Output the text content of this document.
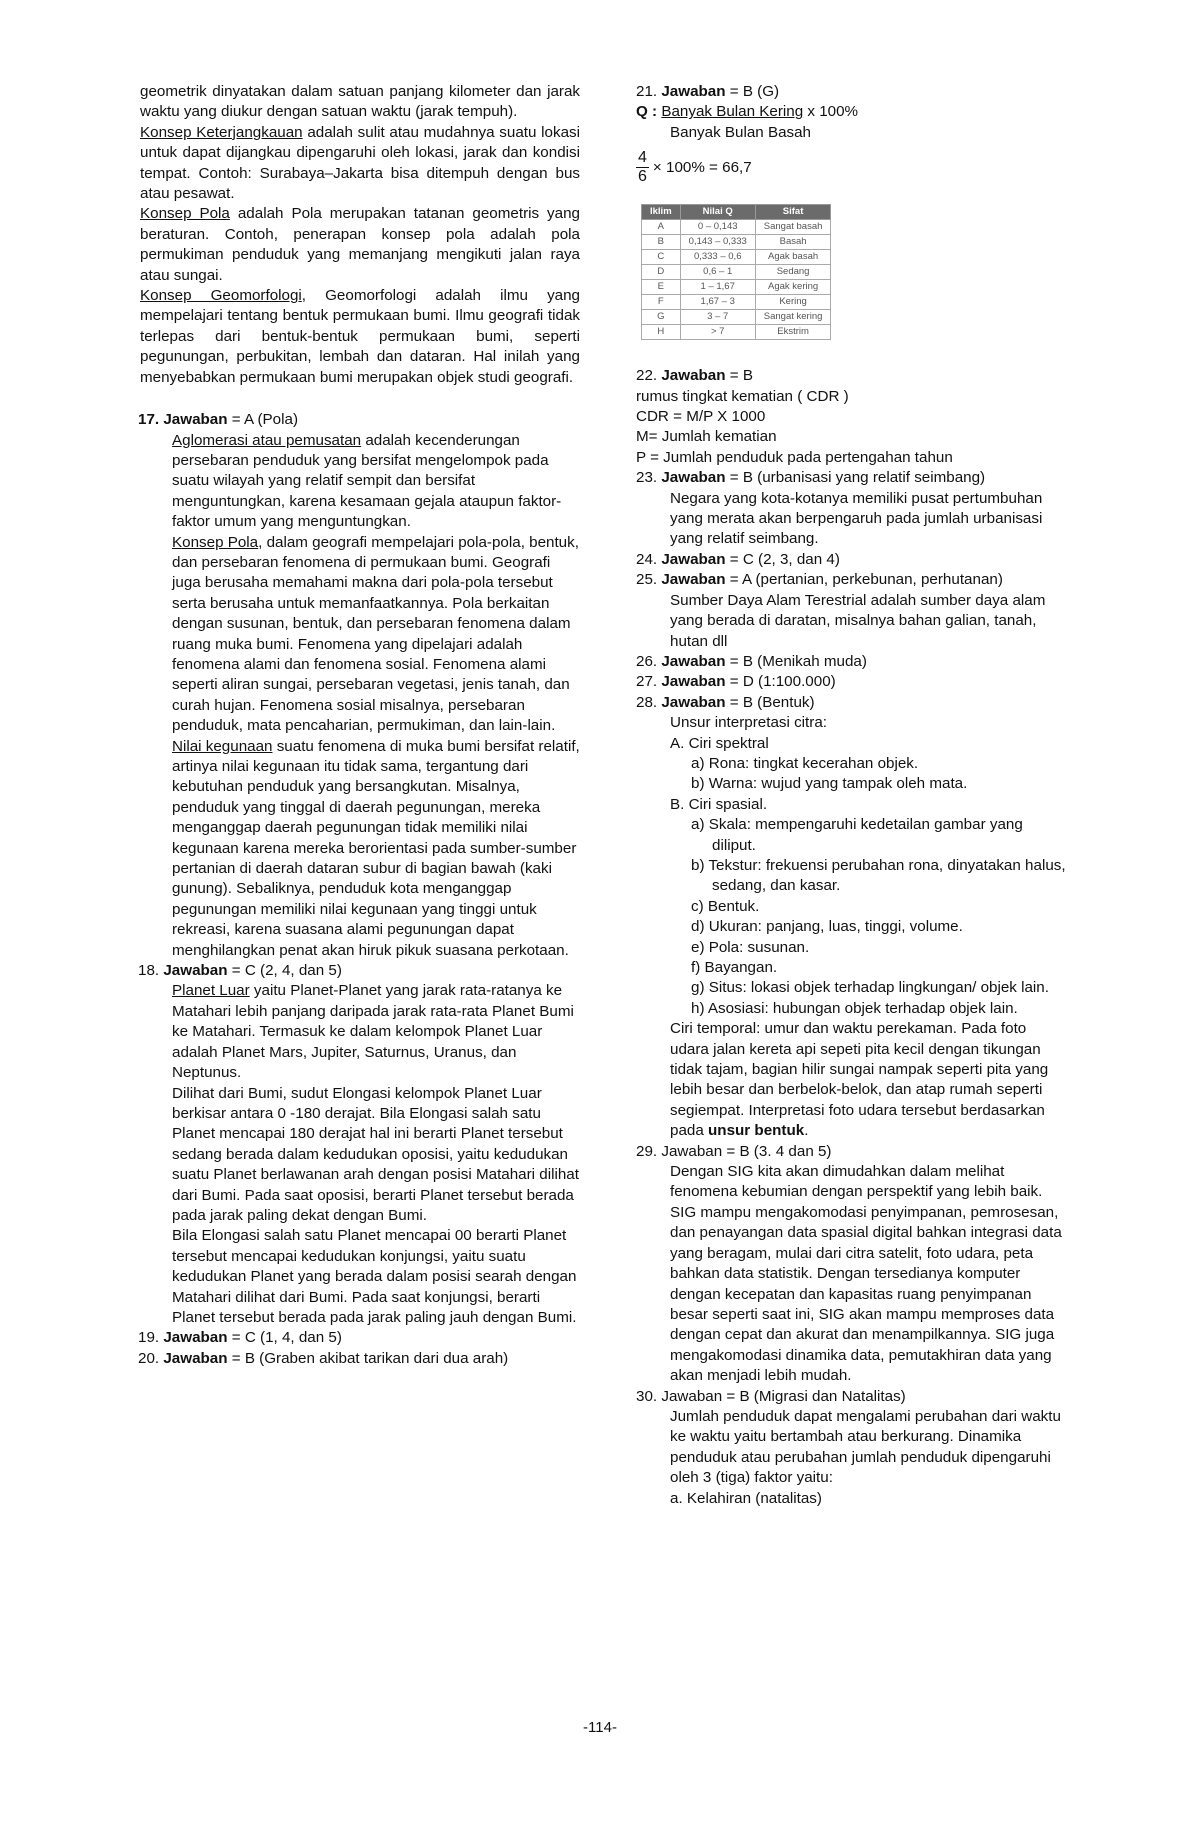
geometrik dinyatakan dalam satuan panjang kilometer dan jarak waktu yang diukur dengan satuan waktu (jarak tempuh).

Konsep Keterjangkauan adalah sulit atau mudahnya suatu lokasi untuk dapat dijangkau dipengaruhi oleh lokasi, jarak dan kondisi tempat. Contoh: Surabaya–Jakarta bisa ditempuh dengan bus atau pesawat.

Konsep Pola adalah Pola merupakan tatanan geometris yang beraturan. Contoh, penerapan konsep pola adalah pola permukiman penduduk yang memanjang mengikuti jalan raya atau sungai.

Konsep Geomorfologi, Geomorfologi adalah ilmu yang mempelajari tentang bentuk permukaan bumi. Ilmu geografi tidak terlepas dari bentuk-bentuk permukaan bumi, seperti pegunungan, perbukitan, lembah dan dataran. Hal inilah yang menyebabkan permukaan bumi merupakan objek studi geografi.

17. Jawaban = A (Pola)

Aglomerasi atau pemusatan adalah kecenderungan persebaran penduduk yang bersifat mengelompok pada suatu wilayah yang relatif sempit dan bersifat menguntungkan, karena kesamaan gejala ataupun faktor-faktor umum yang menguntungkan.

Konsep Pola, dalam geografi mempelajari pola-pola, bentuk, dan persebaran fenomena di permukaan bumi. Geografi juga berusaha memahami makna dari pola-pola tersebut serta berusaha untuk memanfaatkannya. Pola berkaitan dengan susunan, bentuk, dan persebaran fenomena dalam ruang muka bumi. Fenomena yang dipelajari adalah fenomena alami dan fenomena sosial. Fenomena alami seperti aliran sungai, persebaran vegetasi, jenis tanah, dan curah hujan. Fenomena sosial misalnya, persebaran penduduk, mata pencaharian, permukiman, dan lain-lain.

Nilai kegunaan suatu fenomena di muka bumi bersifat relatif, artinya nilai kegunaan itu tidak sama, tergantung dari kebutuhan penduduk yang bersangkutan. Misalnya, penduduk yang tinggal di daerah pegunungan, mereka menganggap daerah pegunungan tidak memiliki nilai kegunaan karena mereka berorientasi pada sumber-sumber pertanian di daerah dataran subur di bagian bawah (kaki gunung). Sebaliknya, penduduk kota menganggap pegunungan memiliki nilai kegunaan yang tinggi untuk rekreasi, karena suasana alami pegunungan dapat menghilangkan penat akan hiruk pikuk suasana perkotaan.

18. Jawaban = C (2, 4, dan 5)

Planet Luar yaitu Planet-Planet yang jarak rata-ratanya ke Matahari lebih panjang daripada jarak rata-rata Planet Bumi ke Matahari. Termasuk ke dalam kelompok Planet Luar adalah Planet Mars, Jupiter, Saturnus, Uranus, dan Neptunus.

Dilihat dari Bumi, sudut Elongasi kelompok Planet Luar berkisar antara 0 -180 derajat. Bila Elongasi salah satu Planet mencapai 180 derajat hal ini berarti Planet tersebut sedang berada dalam kedudukan oposisi, yaitu kedudukan suatu Planet berlawanan arah dengan posisi Matahari dilihat dari Bumi. Pada saat oposisi, berarti Planet tersebut berada pada jarak paling dekat dengan Bumi.

Bila Elongasi salah satu Planet mencapai 00 berarti Planet tersebut mencapai kedudukan konjungsi, yaitu suatu kedudukan Planet yang berada dalam posisi searah dengan Matahari dilihat dari Bumi. Pada saat konjungsi, berarti Planet tersebut berada pada jarak paling jauh dengan Bumi.

19. Jawaban = C (1, 4, dan 5)

20. Jawaban = B (Graben akibat tarikan dari dua arah)

21. Jawaban = B (G)

Q : Banyak Bulan Kering x 100%

Banyak Bulan Basah

$\frac{4}{6} \times 100\% = 66,7$
Iklim	Nilai Q	Sifat
A	0 – 0,143	Sangat basah
B	0,143 – 0,333	Basah
C	0,333 – 0,6	Agak basah
D	0,6 – 1	Sedang
E	1 – 1,67	Agak kering
F	1,67 – 3	Kering
G	3 – 7	Sangat kering
H	> 7	Ekstrim

22. Jawaban = B

rumus tingkat kematian ( CDR )

CDR = M/P X 1000

M= Jumlah kematian

P = Jumlah penduduk pada pertengahan tahun

23. Jawaban = B (urbanisasi yang relatif seimbang)

Negara yang kota-kotanya memiliki pusat pertumbuhan yang merata akan berpengaruh pada jumlah urbanisasi yang relatif seimbang.

24. Jawaban = C (2, 3, dan 4)

25. Jawaban = A (pertanian, perkebunan, perhutanan)

Sumber Daya Alam Terestrial adalah sumber daya alam yang berada di daratan, misalnya bahan galian, tanah, hutan dll

26. Jawaban = B (Menikah muda)

27. Jawaban = D (1:100.000)

28. Jawaban = B (Bentuk)

Unsur interpretasi citra:

A. Ciri spektral

a) Rona: tingkat kecerahan objek.

b) Warna: wujud yang tampak oleh mata.

B. Ciri spasial.

a) Skala: mempengaruhi kedetailan gambar yang diliput.

b) Tekstur: frekuensi perubahan rona, dinyatakan halus, sedang, dan kasar.

c) Bentuk.

d) Ukuran: panjang, luas, tinggi, volume.

e) Pola: susunan.

f) Bayangan.

g) Situs: lokasi objek terhadap lingkungan/ objek lain.

h) Asosiasi: hubungan objek terhadap objek lain.

Ciri temporal: umur dan waktu perekaman. Pada foto udara jalan kereta api sepeti pita kecil dengan tikungan tidak tajam, bagian hilir sungai nampak seperti pita yang lebih besar dan berbelok-belok, dan atap rumah seperti segiempat. Interpretasi foto udara tersebut berdasarkan pada unsur bentuk.

29. Jawaban = B (3. 4 dan 5)

Dengan SIG kita akan dimudahkan dalam melihat fenomena kebumian dengan perspektif yang lebih baik. SIG mampu mengakomodasi penyimpanan, pemrosesan, dan penayangan data spasial digital bahkan integrasi data yang beragam, mulai dari citra satelit, foto udara, peta bahkan data statistik. Dengan tersedianya komputer dengan kecepatan dan kapasitas ruang penyimpanan besar seperti saat ini, SIG akan mampu memproses data dengan cepat dan akurat dan menampilkannya. SIG juga mengakomodasi dinamika data, pemutakhiran data yang akan menjadi lebih mudah.

30. Jawaban = B (Migrasi dan Natalitas)

Jumlah penduduk dapat mengalami perubahan dari waktu ke waktu yaitu bertambah atau berkurang. Dinamika penduduk atau perubahan jumlah penduduk dipengaruhi oleh 3 (tiga) faktor yaitu:

a. Kelahiran (natalitas)

-114-
